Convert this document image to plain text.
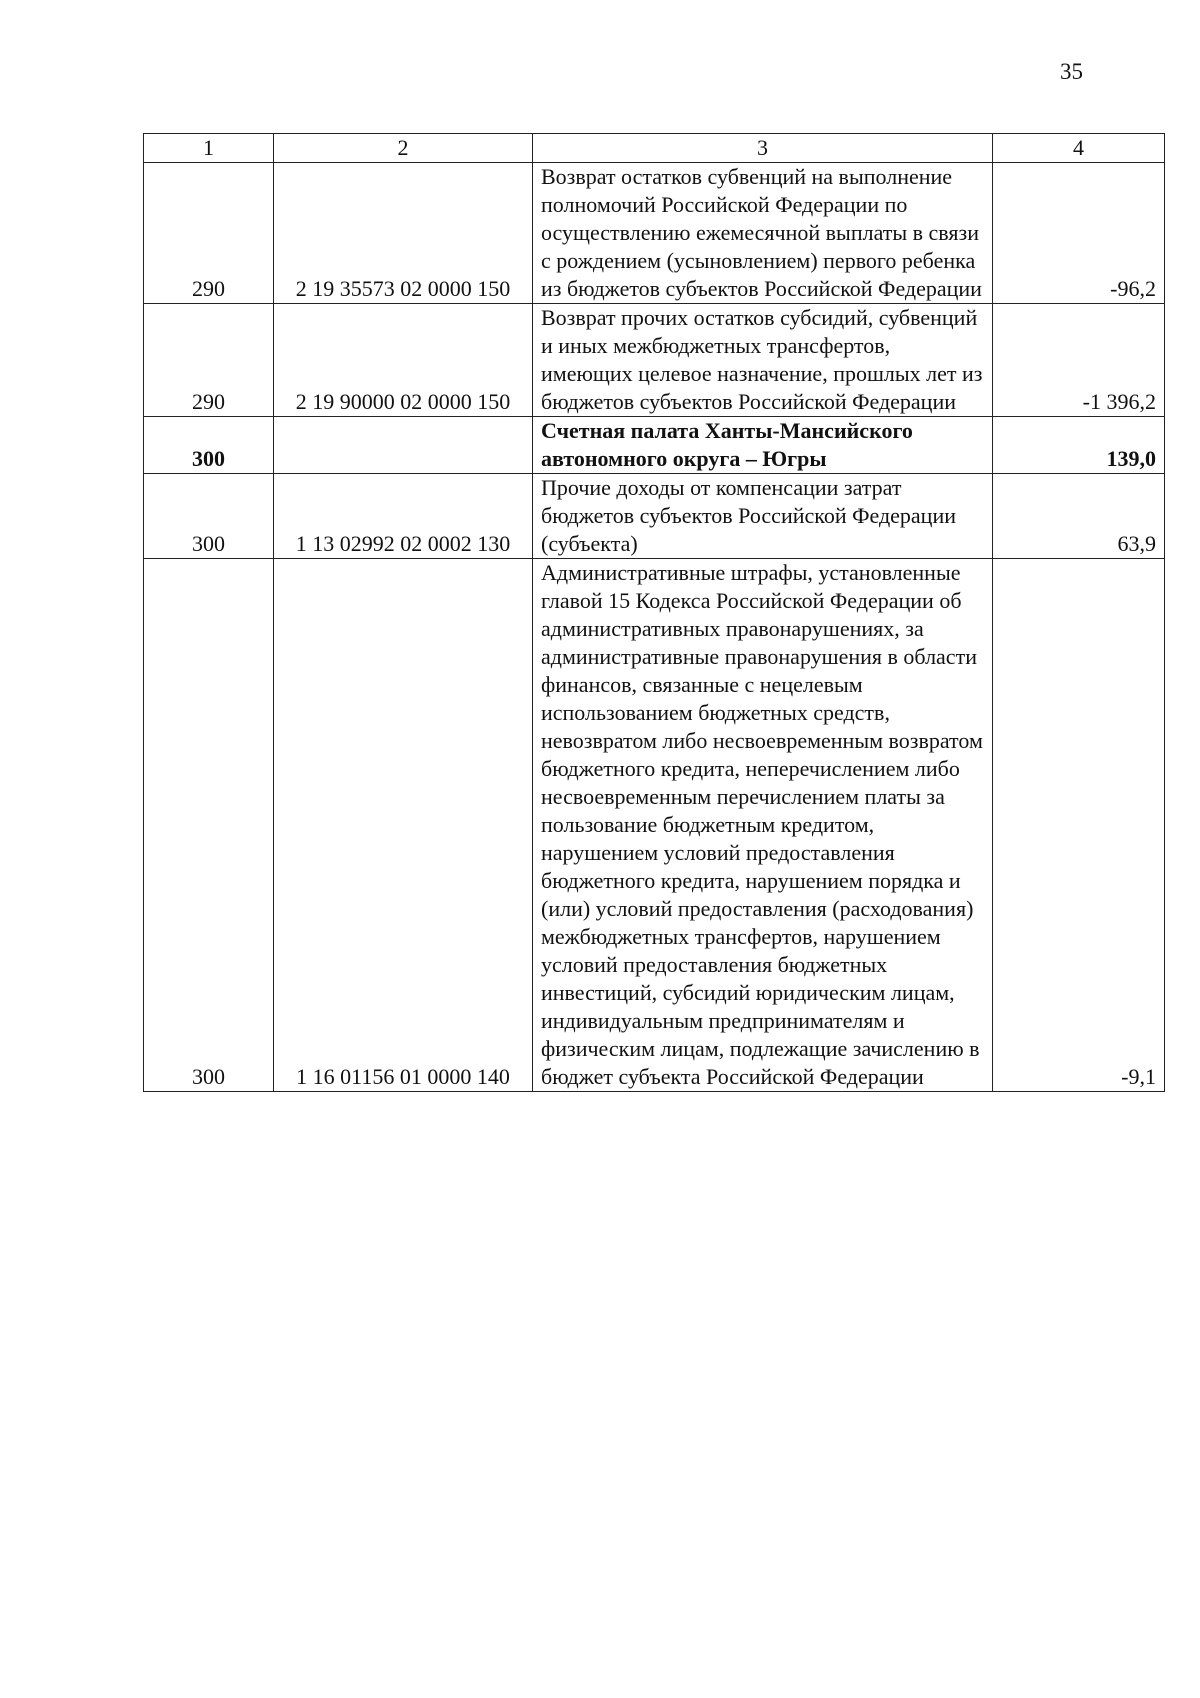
35
1	2	3	4
290	2 19 35573 02 0000 150	Возврат остатков субвенций на выполнение полномочий Российской Федерации по осуществлению ежемесячной выплаты в связи с рождением (усыновлением) первого ребенка из бюджетов субъектов Российской Федерации	-96,2
290	2 19 90000 02 0000 150	Возврат прочих остатков субсидий, субвенций и иных межбюджетных трансфертов, имеющих целевое назначение, прошлых лет из бюджетов субъектов Российской Федерации	-1 396,2
300		Счетная палата Ханты-Мансийского автономного округа – Югры	139,0
300	1 13 02992 02 0002 130	Прочие доходы от компенсации затрат бюджетов субъектов Российской Федерации (субъекта)	63,9
300	1 16 01156 01 0000 140	Административные штрафы, установленные главой 15 Кодекса Российской Федерации об административных правонарушениях, за административные правонарушения в области финансов, связанные с нецелевым использованием бюджетных средств, невозвратом либо несвоевременным возвратом бюджетного кредита, неперечислением либо несвоевременным перечислением платы за пользование бюджетным кредитом, нарушением условий предоставления бюджетного кредита, нарушением порядка и (или) условий предоставления (расходования) межбюджетных трансфертов, нарушением условий предоставления бюджетных инвестиций, субсидий юридическим лицам, индивидуальным предпринимателям и физическим лицам, подлежащие зачислению в бюджет субъекта Российской Федерации	-9,1
